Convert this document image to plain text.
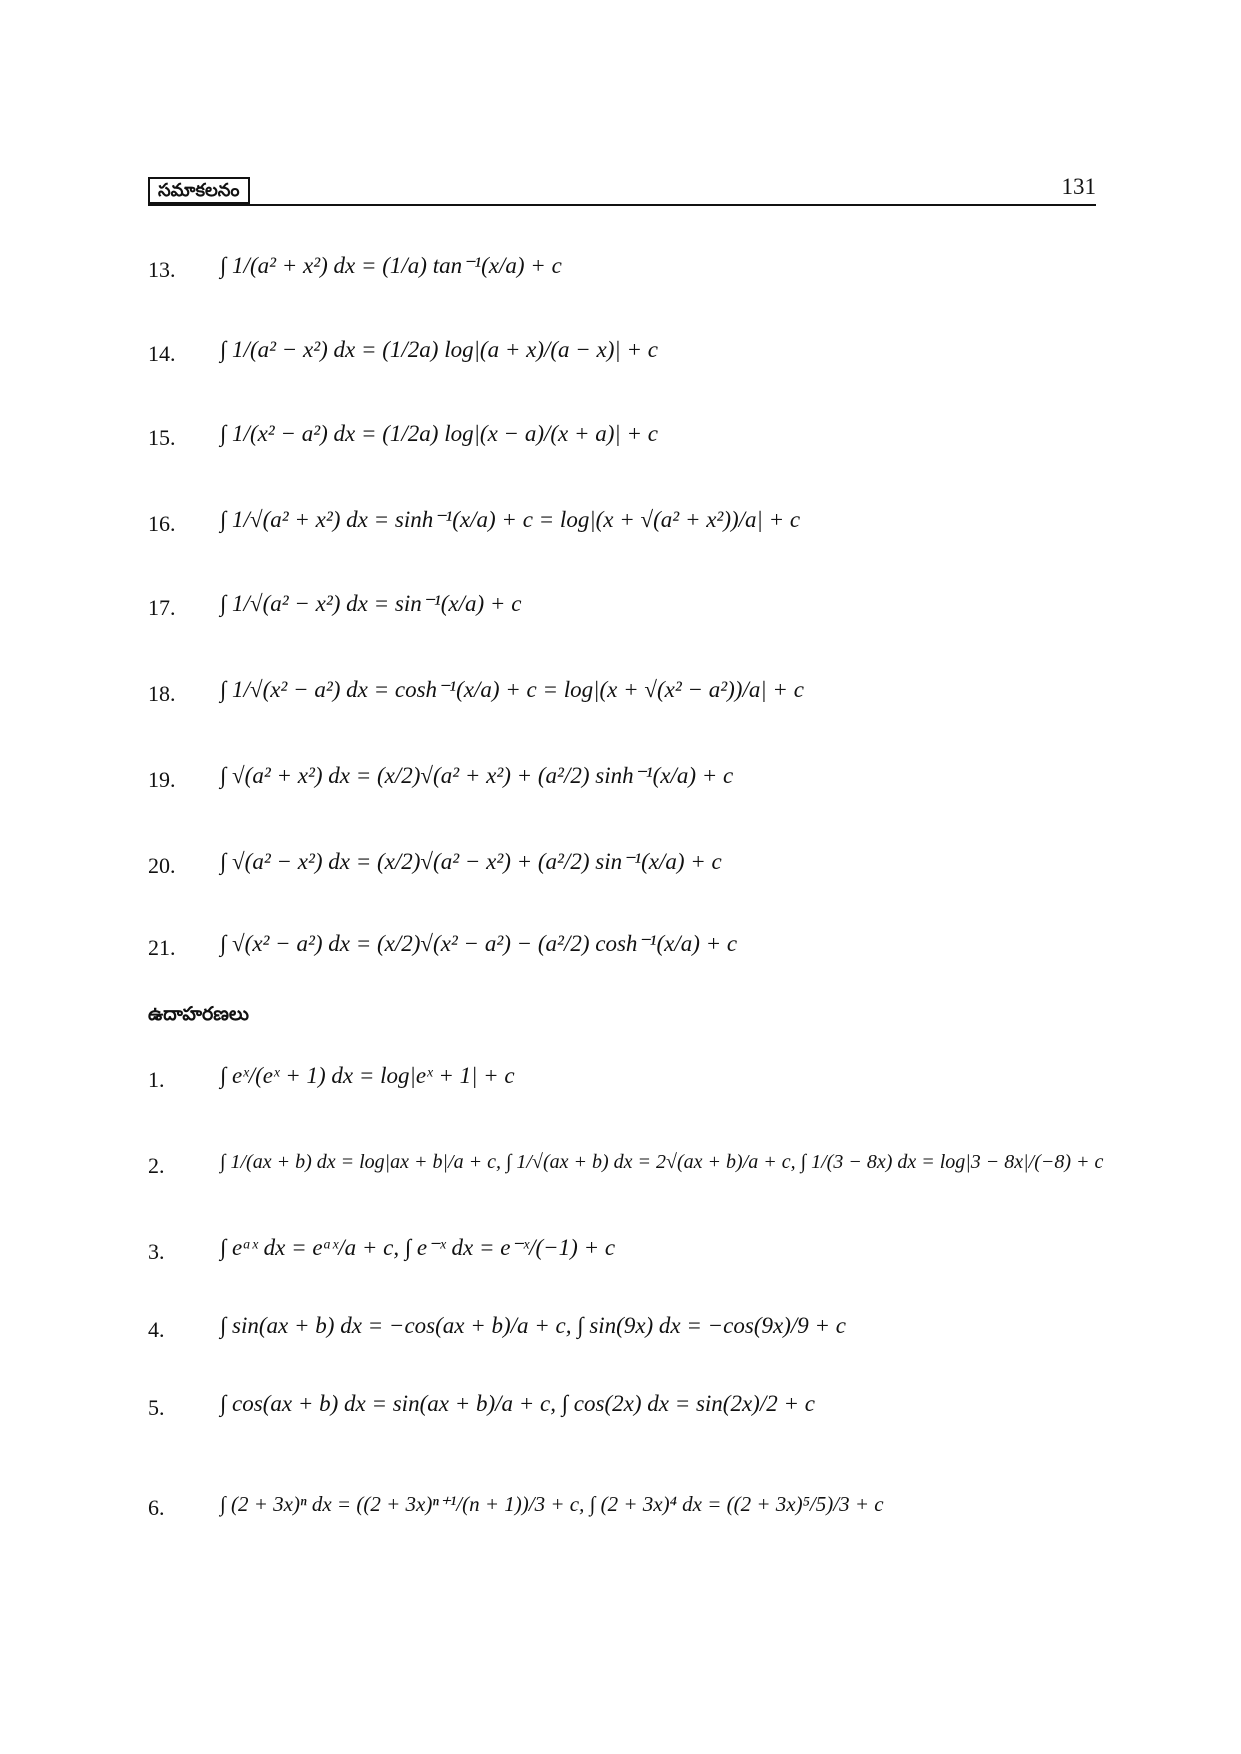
సమాకలనం	131
13. ∫ 1/(a² + x²) dx = (1/a) tan⁻¹(x/a) + c
14. ∫ 1/(a² − x²) dx = (1/2a) log|(a + x)/(a − x)| + c
15. ∫ 1/(x² − a²) dx = (1/2a) log|(x − a)/(x + a)| + c
16. ∫ 1/√(a² + x²) dx = sinh⁻¹(x/a) + c = log|(x + √(a² + x²))/a| + c
17. ∫ 1/√(a² − x²) dx = sin⁻¹(x/a) + c
18. ∫ 1/√(x² − a²) dx = cosh⁻¹(x/a) + c = log|(x + √(x² − a²))/a| + c
19. ∫ √(a² + x²) dx = (x/2)√(a² + x²) + (a²/2) sinh⁻¹(x/a) + c
20. ∫ √(a² − x²) dx = (x/2)√(a² − x²) + (a²/2) sin⁻¹(x/a) + c
21. ∫ √(x² − a²) dx = (x/2)√(x² − a²) − (a²/2) cosh⁻¹(x/a) + c
ఉదాహరణలు
1. ∫ eˣ/(eˣ + 1) dx = log|eˣ + 1| + c
2.	∫ 1/(ax + b) dx = log|ax + b|/a + c, ∫ 1/√(ax + b) dx = 2√(ax + b)/a + c, ∫ 1/(3 − 8x) dx = log|3 − 8x|/(−8) + c
3. ∫ eᵃˣ dx = eᵃˣ/a + c, ∫ e⁻ˣ dx = e⁻ˣ/(−1) + c
4. ∫ sin(ax + b) dx = −cos(ax + b)/a + c, ∫ sin(9x) dx = −cos(9x)/9 + c
5. ∫ cos(ax + b) dx = sin(ax + b)/a + c, ∫ cos(2x) dx = sin(2x)/2 + c
6.	∫ (2 + 3x)ⁿ dx = ((2 + 3x)ⁿ⁺¹/(n + 1))/3 + c, ∫ (2 + 3x)⁴ dx = ((2 + 3x)⁵/5)/3 + c
